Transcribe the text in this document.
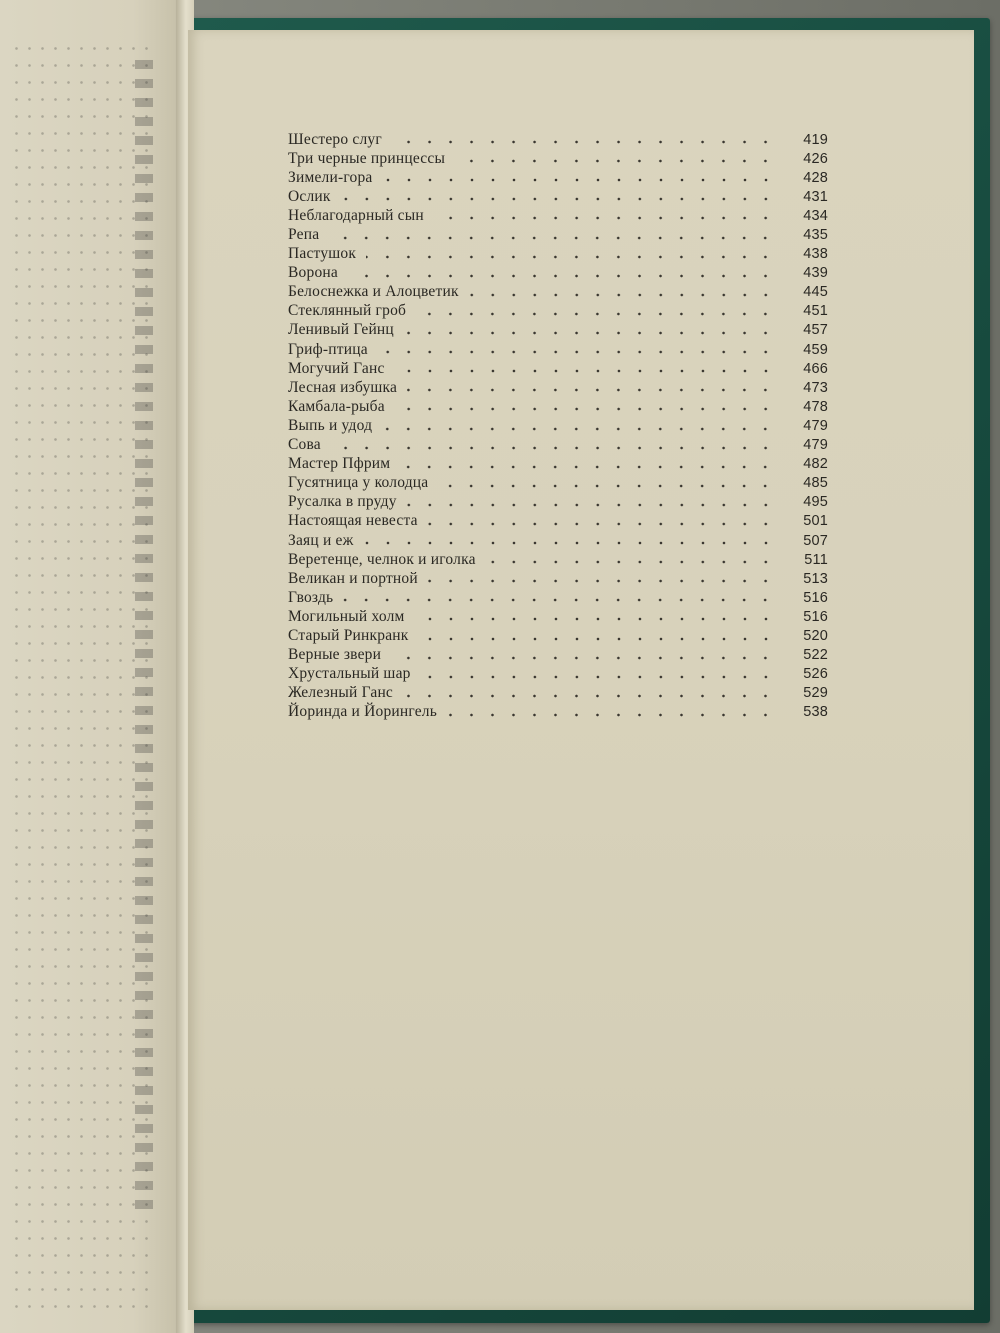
Шестеро слуг	419
Три черные принцессы	426
Зимели-гора	428
Ослик	431
Неблагодарный сын	434
Репа	435
Пастушок	438
Ворона	439
Белоснежка и Алоцветик	445
Стеклянный гроб	451
Ленивый Гейнц	457
Гриф-птица	459
Могучий Ганс	466
Лесная избушка	473
Камбала-рыба	478
Выпь и удод	479
Сова	479
Мастер Пфрим	482
Гусятница у колодца	485
Русалка в пруду	495
Настоящая невеста	501
Заяц и еж	507
Веретенце, челнок и иголка	511
Великан и портной	513
Гвоздь	516
Могильный холм	516
Старый Ринкранк	520
Верные звери	522
Хрустальный шар	526
Железный Ганс	529
Йоринда и Йорингель	538
